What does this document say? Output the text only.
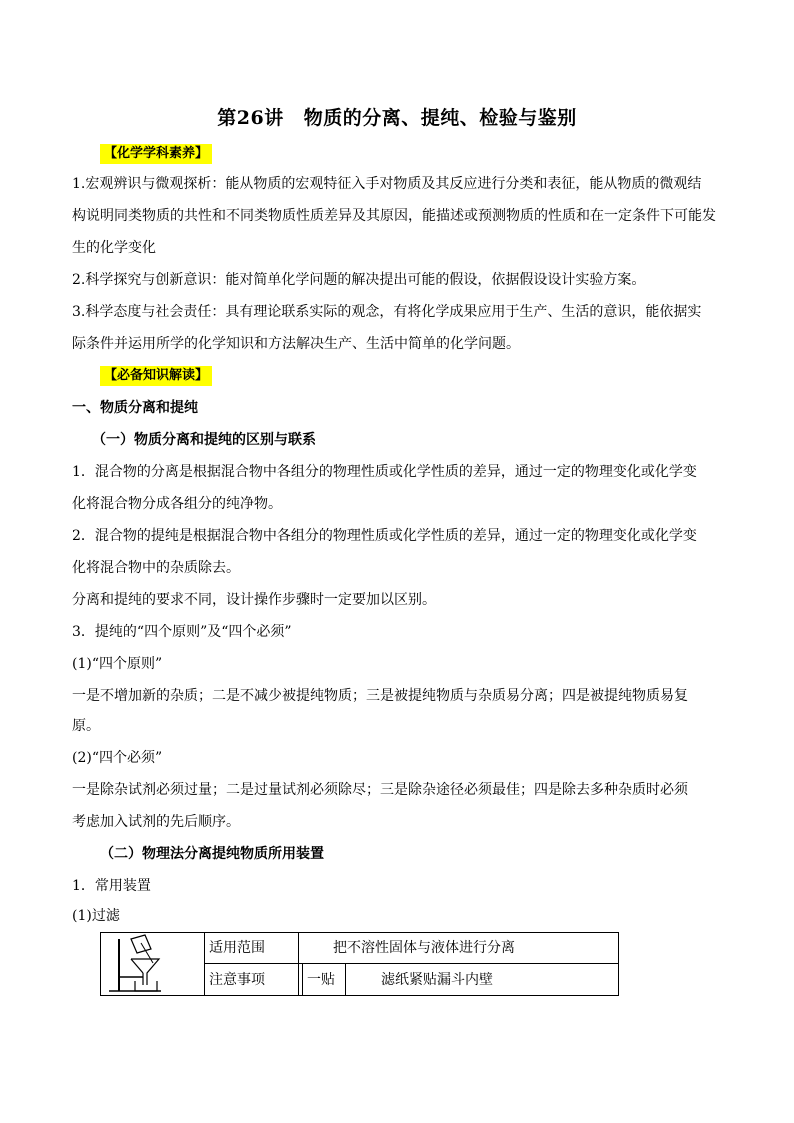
第26讲 物质的分离、提纯、检验与鉴别
【化学学科素养】
1.宏观辨识与微观探析：能从物质的宏观特征入手对物质及其反应进行分类和表征，能从物质的微观结
构说明同类物质的共性和不同类物质性质差异及其原因，能描述或预测物质的性质和在一定条件下可能发
生的化学变化
2.科学探究与创新意识：能对简单化学问题的解决提出可能的假设，依据假设设计实验方案。
3.科学态度与社会责任：具有理论联系实际的观念，有将化学成果应用于生产、生活的意识，能依据实
际条件并运用所学的化学知识和方法解决生产、生活中简单的化学问题。
【必备知识解读】
一、物质分离和提纯
（一）物质分离和提纯的区别与联系
1．混合物的分离是根据混合物中各组分的物理性质或化学性质的差异，通过一定的物理变化或化学变
化将混合物分成各组分的纯净物。
2．混合物的提纯是根据混合物中各组分的物理性质或化学性质的差异，通过一定的物理变化或化学变
化将混合物中的杂质除去。
分离和提纯的要求不同，设计操作步骤时一定要加以区别。
3．提纯的“四个原则”及“四个必须”
(1)“四个原则”
一是不增加新的杂质；二是不减少被提纯物质；三是被提纯物质与杂质易分离；四是被提纯物质易复
原。
(2)“四个必须”
一是除杂试剂必须过量；二是过量试剂必须除尽；三是除杂途径必须最佳；四是除去多种杂质时必须
考虑加入试剂的先后顺序。
（二）物理法分离提纯物质所用装置
1．常用装置
(1)过滤
适用范围	把不溶性固体与液体进行分离
注意事项	一贴	滤纸紧贴漏斗内壁
